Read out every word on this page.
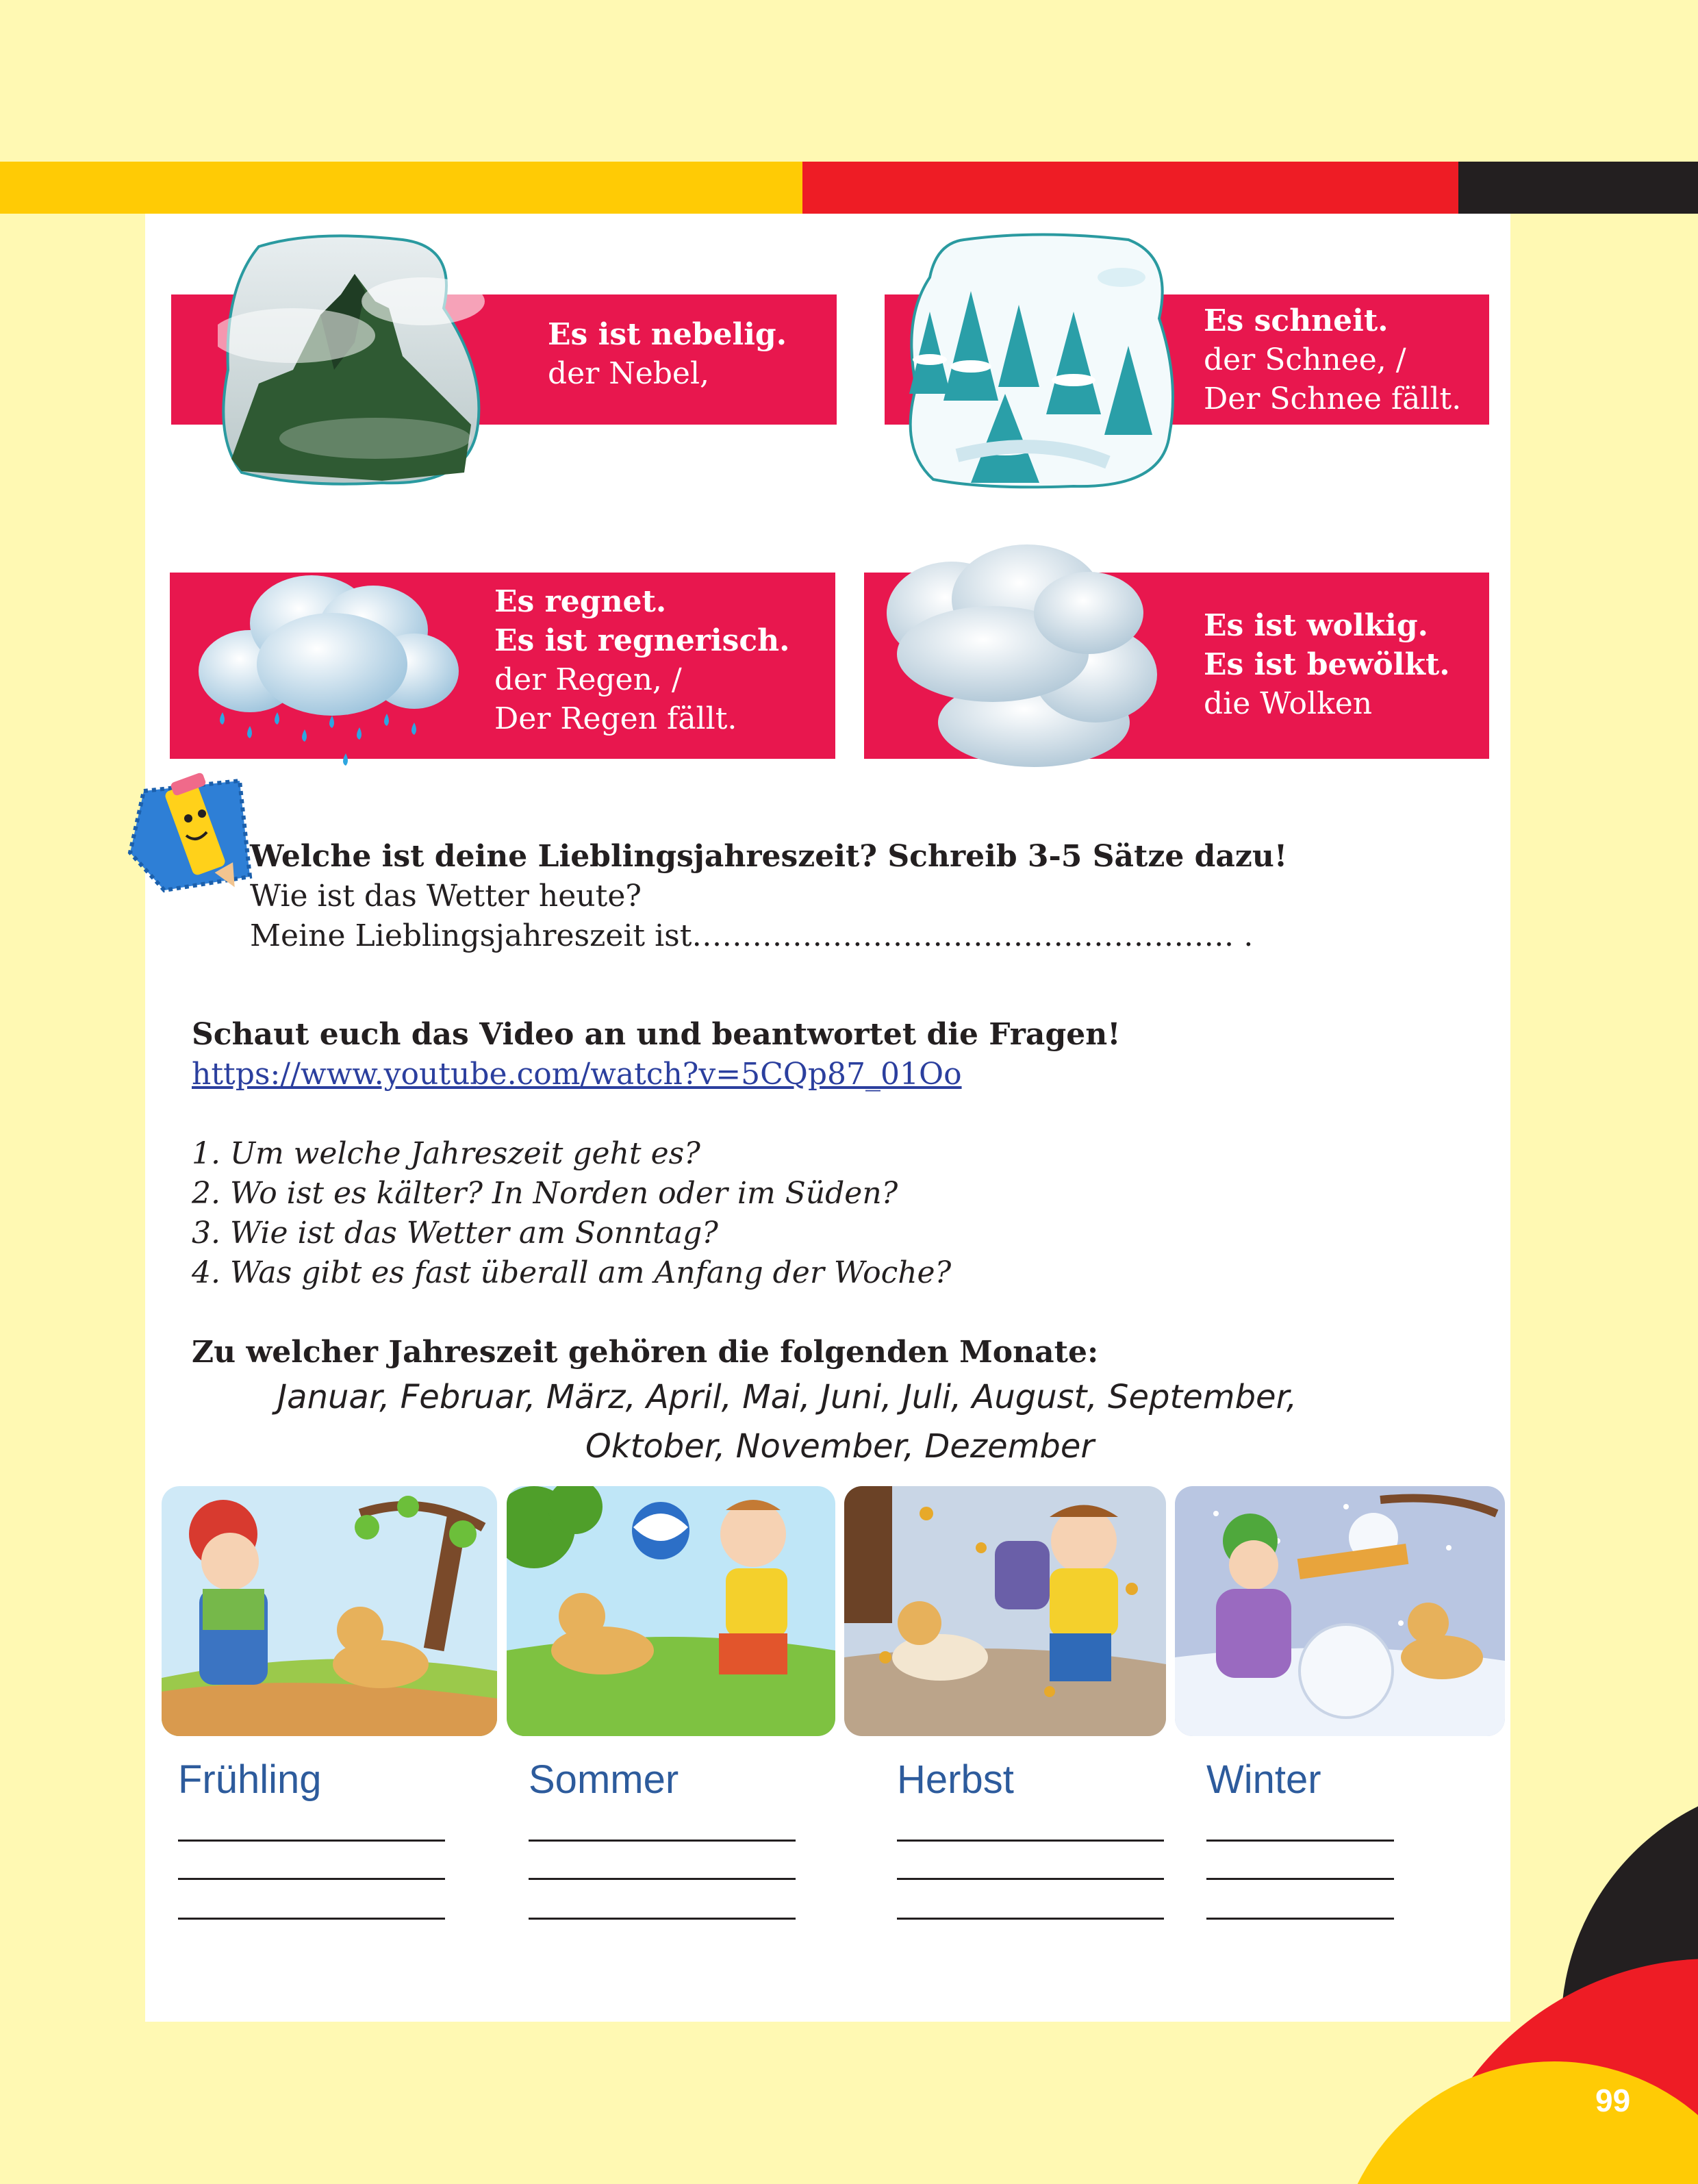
99
Es ist nebelig.
der Nebel,
Es schneit.
der Schnee, /
Der Schnee fällt.
Es regnet.
Es ist regnerisch.
der Regen, /
Der Regen fällt.
Es ist wolkig.
Es ist bewölkt.
die Wolken
Welche ist deine Lieblingsjahreszeit? Schreib 3-5 Sätze dazu!
Wie ist das Wetter heute?
Meine Lieblingsjahreszeit ist……………………………………………… .
Schaut euch das Video an und beantwortet die Fragen!
https://www.youtube.com/watch?v=5CQp87_01Oo
1. Um welche Jahreszeit geht es?
2. Wo ist es kälter? In Norden oder im Süden?
3. Wie ist das Wetter am Sonntag?
4. Was gibt es fast überall am Anfang der Woche?
Zu welcher Jahreszeit gehören die folgenden Monate:
Januar, Februar, März, April, Mai, Juni, Juli, August, September,
Oktober, November, Dezember
Frühling	Sommer	Herbst	Winter
